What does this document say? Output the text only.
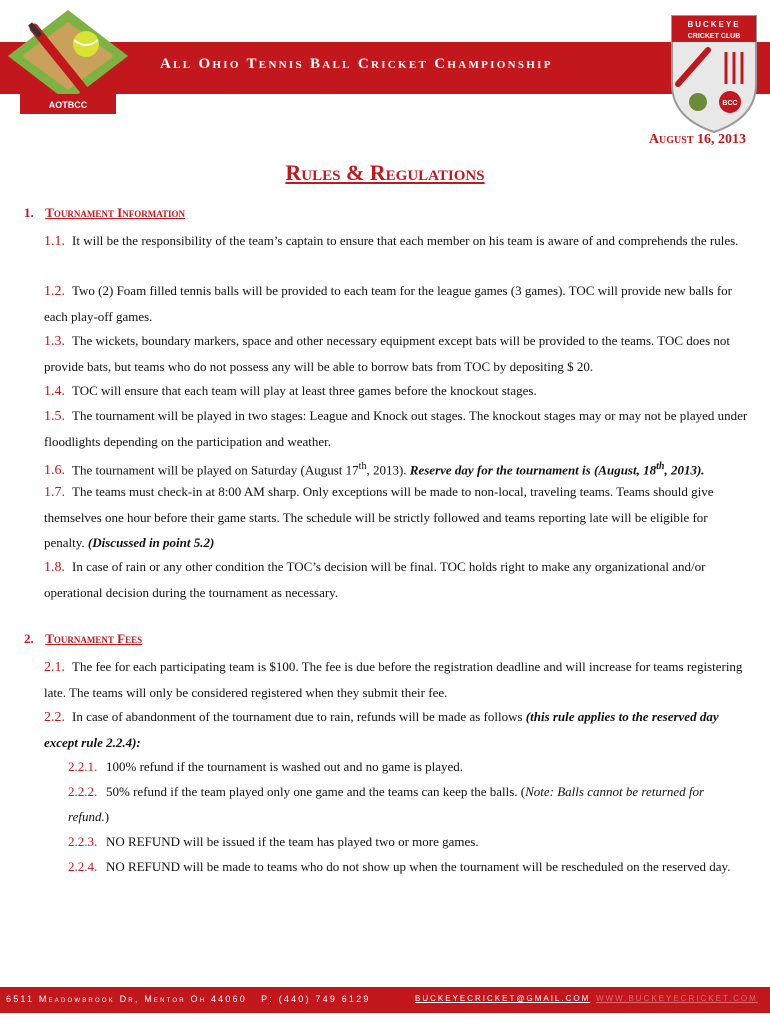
All Ohio Tennis Ball Cricket Championship
AOTBCC
BUCKEYE
CRICKET CLUB
BCC
August 16, 2013
Rules & Regulations
1. Tournament Information
1.1. It will be the responsibility of the team’s captain to ensure that each member on his team is aware of and comprehends the rules.
1.2. Two (2) Foam filled tennis balls will be provided to each team for the league games (3 games). TOC will provide new balls for each play-off games.
1.3. The wickets, boundary markers, space and other necessary equipment except bats will be provided to the teams. TOC does not provide bats, but teams who do not possess any will be able to borrow bats from TOC by depositing $ 20.
1.4. TOC will ensure that each team will play at least three games before the knockout stages.
1.5. The tournament will be played in two stages: League and Knock out stages. The knockout stages may or may not be played under floodlights depending on the participation and weather.
1.6. The tournament will be played on Saturday (August 17th, 2013). Reserve day for the tournament is (August, 18th, 2013).
1.7. The teams must check-in at 8:00 AM sharp. Only exceptions will be made to non-local, traveling teams. Teams should give themselves one hour before their game starts. The schedule will be strictly followed and teams reporting late will be eligible for penalty. (Discussed in point 5.2)
1.8. In case of rain or any other condition the TOC’s decision will be final. TOC holds right to make any organizational and/or operational decision during the tournament as necessary.
2. Tournament Fees
2.1. The fee for each participating team is $100. The fee is due before the registration deadline and will increase for teams registering late. The teams will only be considered registered when they submit their fee.
2.2. In case of abandonment of the tournament due to rain, refunds will be made as follows (this rule applies to the reserved day except rule 2.2.4):
2.2.1. 100% refund if the tournament is washed out and no game is played.
2.2.2. 50% refund if the team played only one game and the teams can keep the balls. (Note: Balls cannot be returned for refund.)
2.2.3. NO REFUND will be issued if the team has played two or more games.
2.2.4. NO REFUND will be made to teams who do not show up when the tournament will be rescheduled on the reserved day.
6511 Meadowbrook Dr, Mentor Oh 44060 P: (440) 749 6129	BUCKEYECRICKET@GMAIL.COM WWW.BUCKEYECRICKET.COM
